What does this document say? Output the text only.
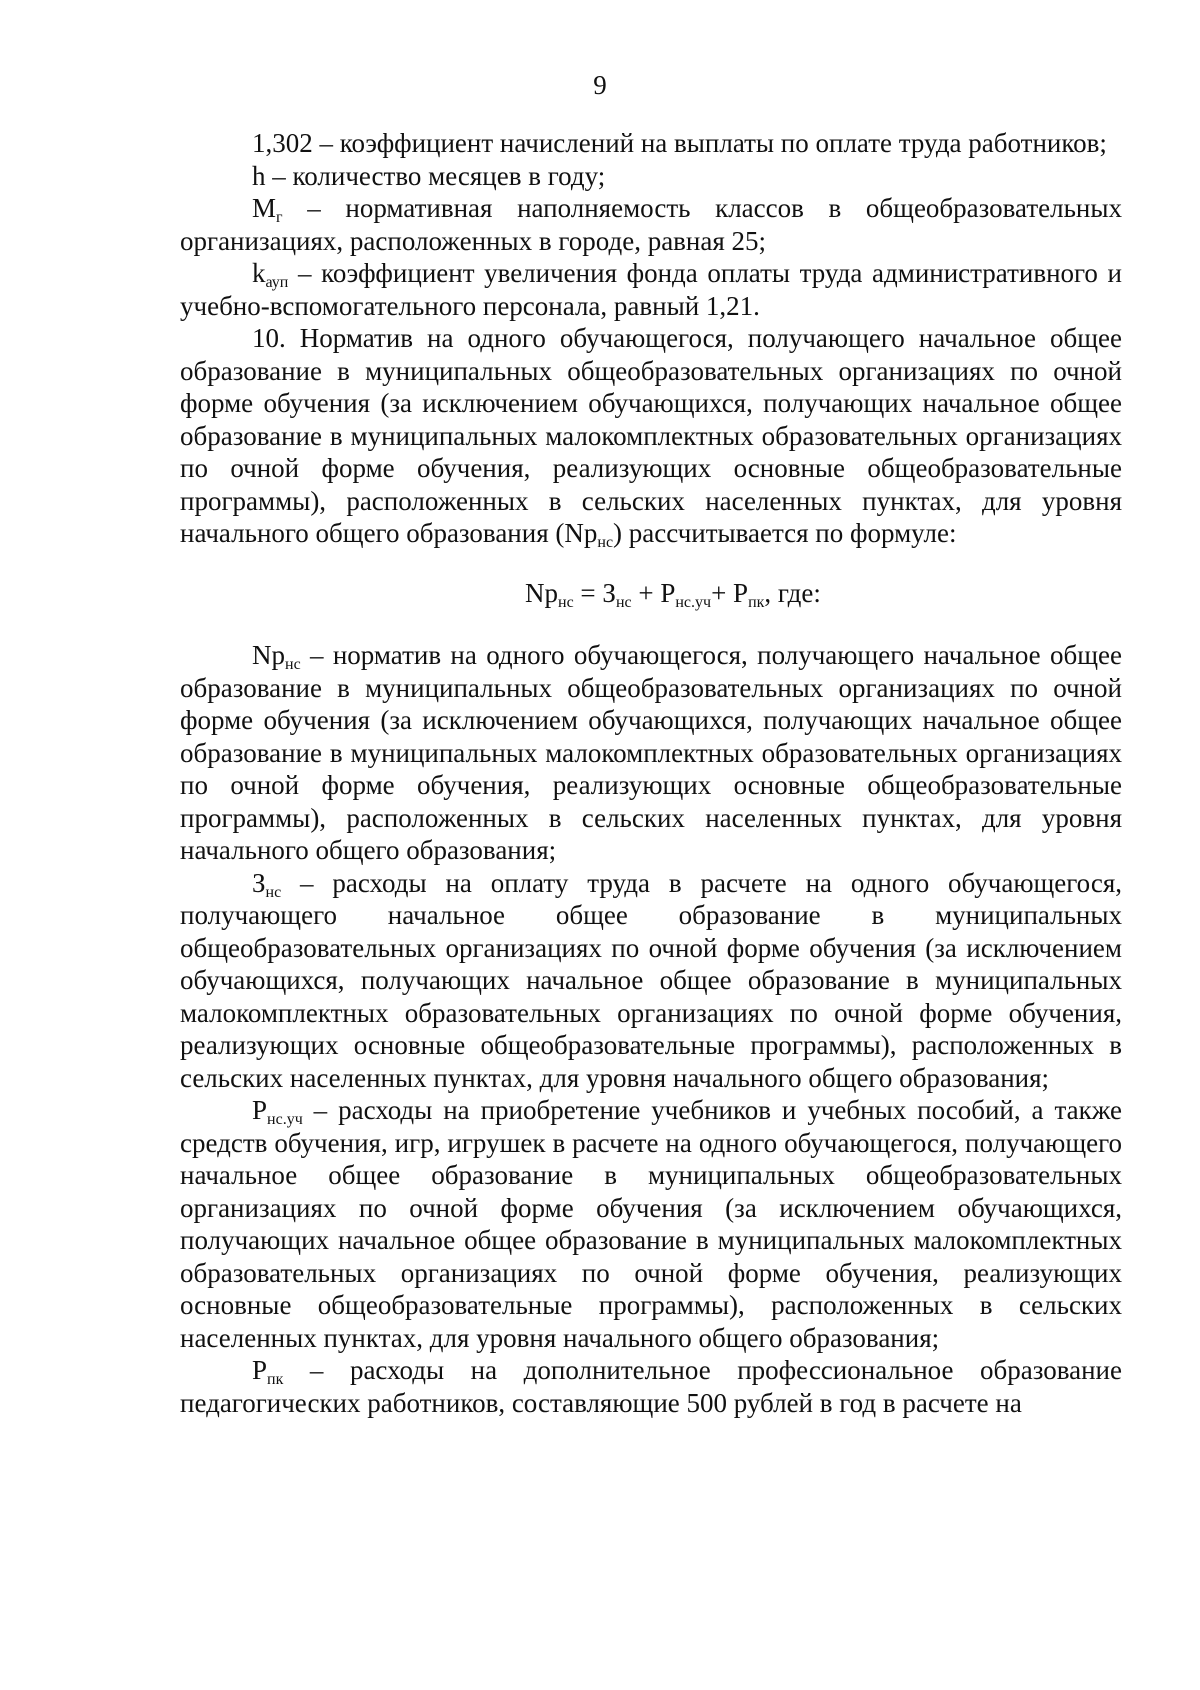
9

1,302 – коэффициент начислений на выплаты по оплате труда работников;

h – количество месяцев в году;

$М_г$ – нормативная наполняемость классов в общеобразовательных организациях, расположенных в городе, равная 25;

$k_{ауп}$ – коэффициент увеличения фонда оплаты труда административного и учебно-вспомогательного персонала, равный 1,21.

10. Норматив на одного обучающегося, получающего начальное общее образование в муниципальных общеобразовательных организациях по очной форме обучения (за исключением обучающихся, получающих начальное общее образование в муниципальных малокомплектных образовательных организациях по очной форме обучения, реализующих основные общеобразовательные программы), расположенных в сельских населенных пунктах, для уровня начального общего образования $(Np_{нс})$ рассчитывается по формуле:

$Np_{нс} = З_{нс} + P_{нс.уч}+ P_{пк}$, где:

$Np_{нс}$ – норматив на одного обучающегося, получающего начальное общее образование в муниципальных общеобразовательных организациях по очной форме обучения (за исключением обучающихся, получающих начальное общее образование в муниципальных малокомплектных образовательных организациях по очной форме обучения, реализующих основные общеобразовательные программы), расположенных в сельских населенных пунктах, для уровня начального общего образования;

$З_{нс}$ – расходы на оплату труда в расчете на одного обучающегося, получающего начальное общее образование в муниципальных общеобразовательных организациях по очной форме обучения (за исключением обучающихся, получающих начальное общее образование в муниципальных малокомплектных образовательных организациях по очной форме обучения, реализующих основные общеобразовательные программы), расположенных в сельских населенных пунктах, для уровня начального общего образования;

$P_{нс.уч}$ – расходы на приобретение учебников и учебных пособий, а также средств обучения, игр, игрушек в расчете на одного обучающегося, получающего начальное общее образование в муниципальных общеобразовательных организациях по очной форме обучения (за исключением обучающихся, получающих начальное общее образование в муниципальных малокомплектных образовательных организациях по очной форме обучения, реализующих основные общеобразовательные программы), расположенных в сельских населенных пунктах, для уровня начального общего образования;

$P_{пк}$ – расходы на дополнительное профессиональное образование педагогических работников, составляющие 500 рублей в год в расчете на
